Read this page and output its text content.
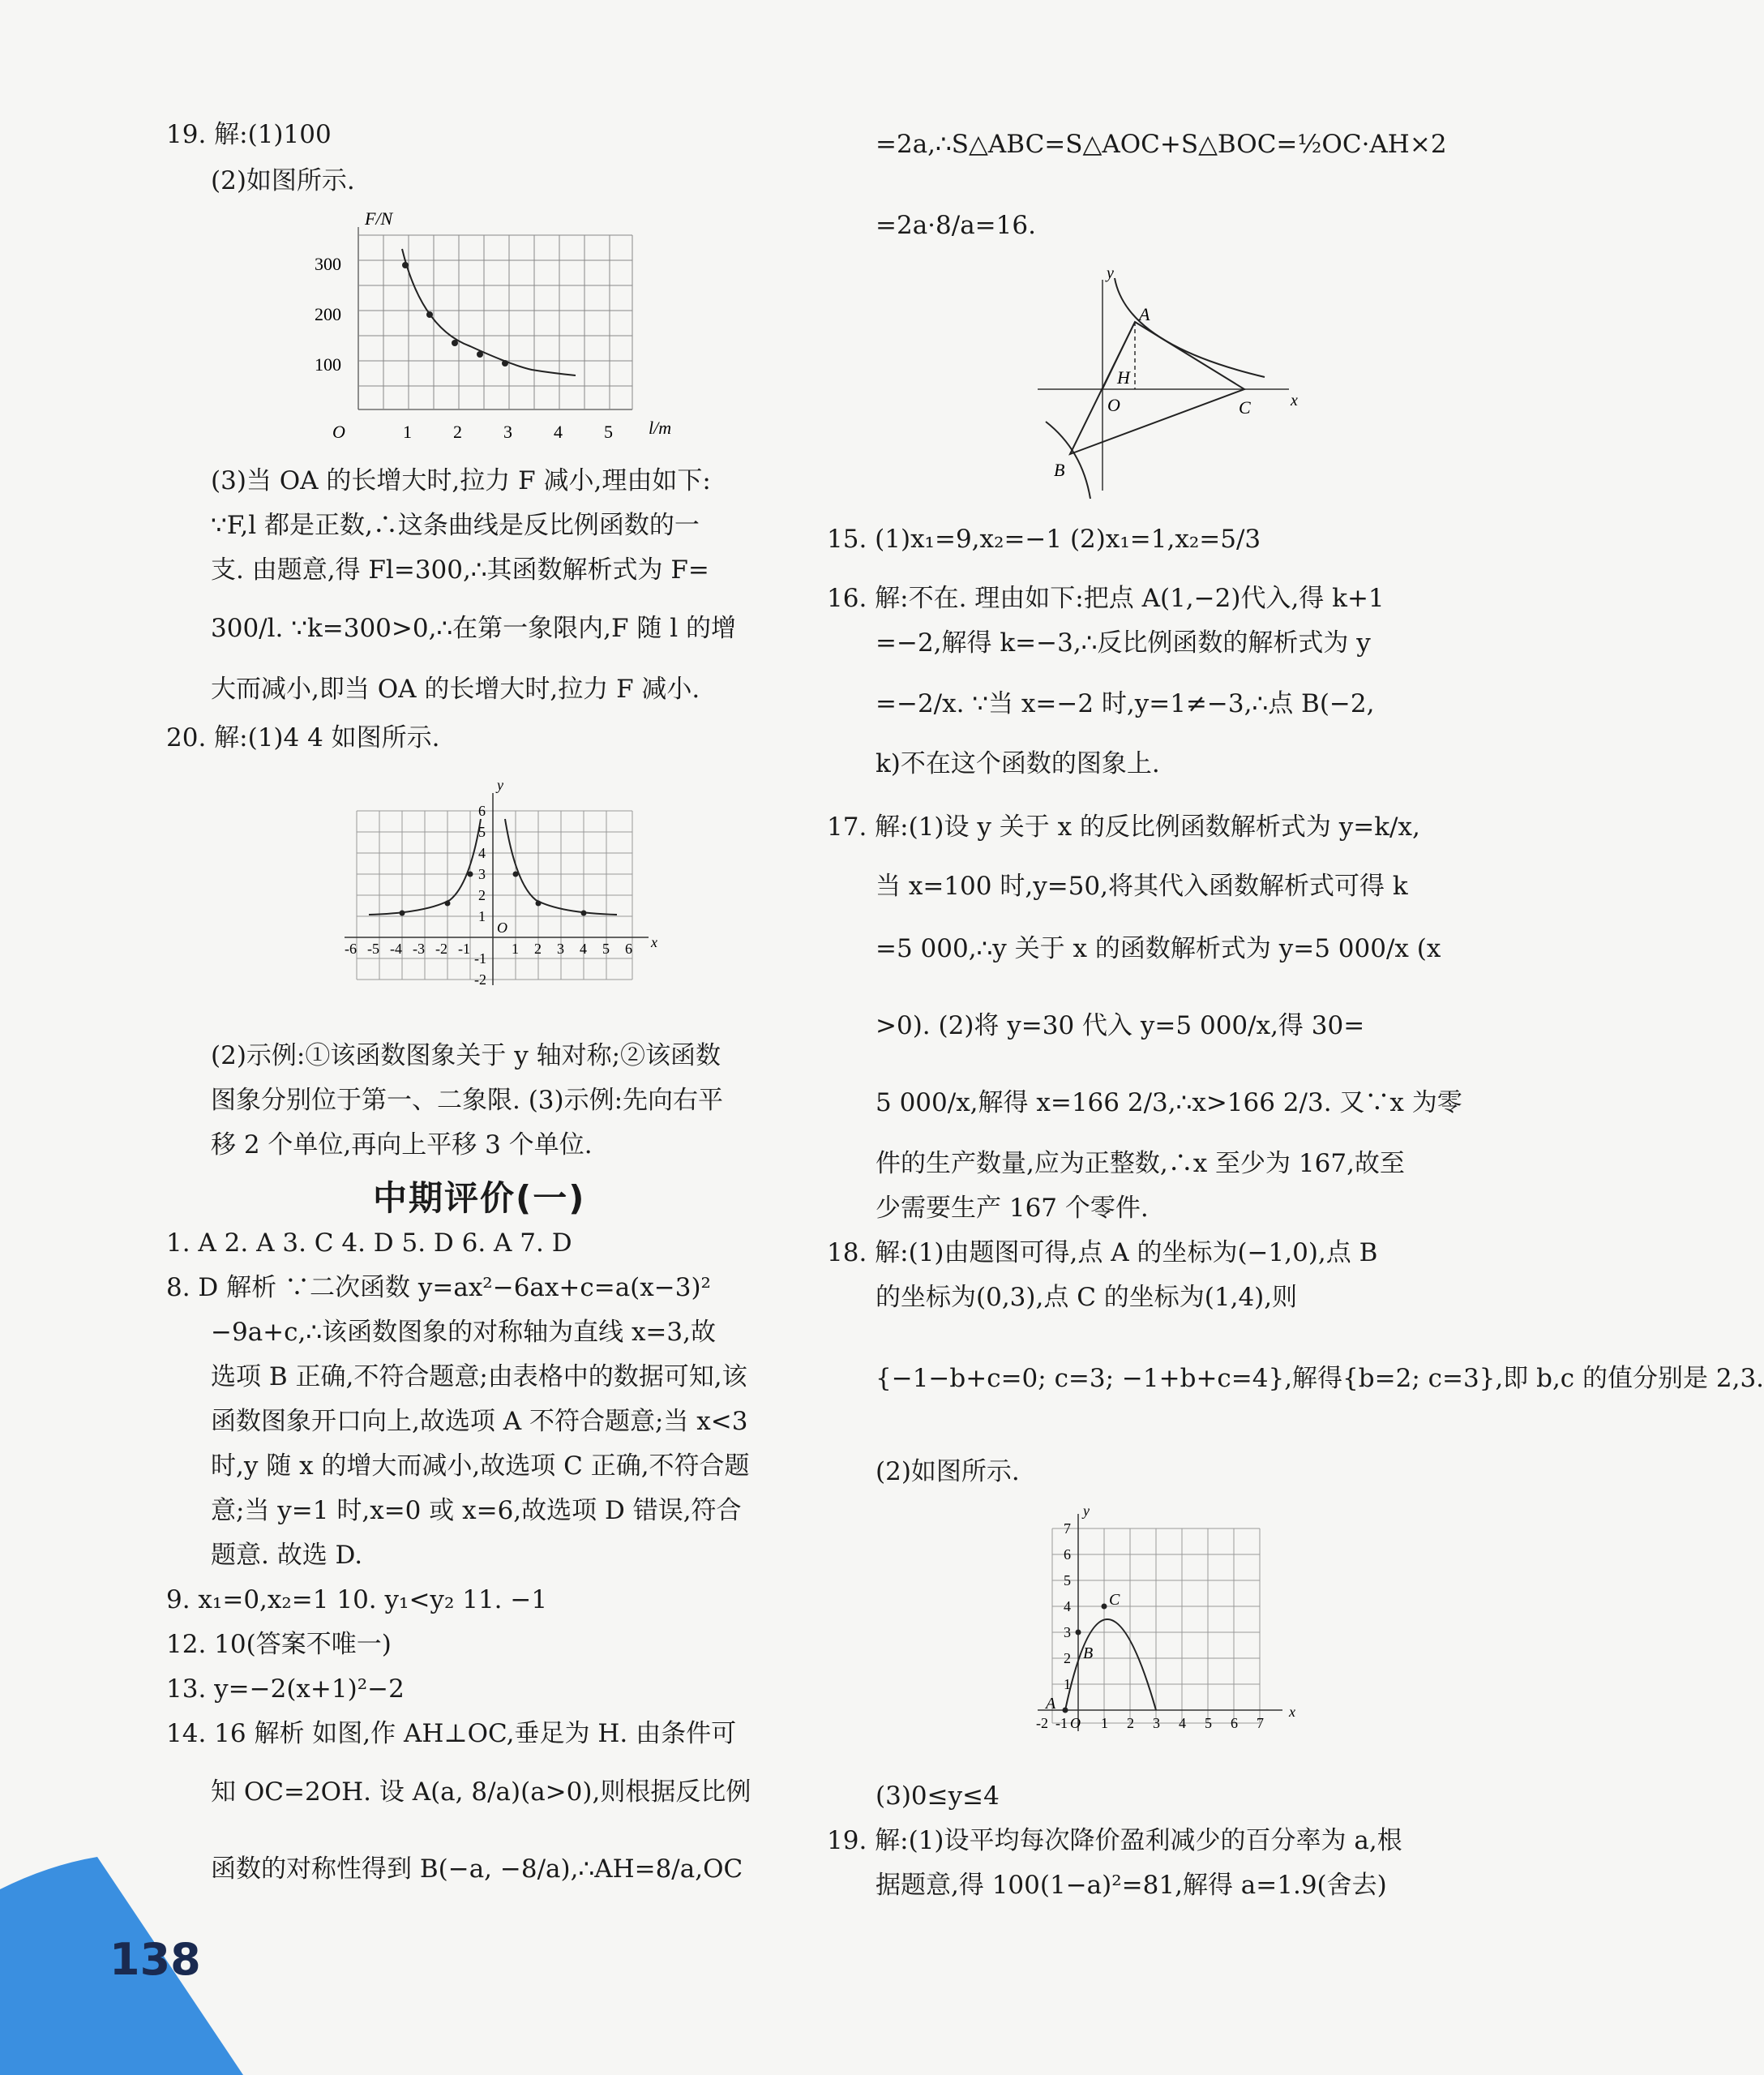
19. 解:(1)100
(2)如图所示.
F/N
l/m
O
100
200
300
1 2 3 4 5
(3)当 OA 的长增大时,拉力 F 减小,理由如下:
∵F,l 都是正数,∴这条曲线是反比例函数的一
支. 由题意,得 Fl=300,∴其函数解析式为 F=
300/l. ∵k=300>0,∴在第一象限内,F 随 l 的增
大而减小,即当 OA 的长增大时,拉力 F 减小.
20. 解:(1)4 4 如图所示.
y
x
O
-6 -5 -4 -3 -2 -1	1 2 3 4 5 6
1
2
3
4
5
6
-1
-2
(2)示例:①该函数图象关于 y 轴对称;②该函数
图象分别位于第一、二象限. (3)示例:先向右平
移 2 个单位,再向上平移 3 个单位.
中期评价(一)
1. A 2. A 3. C 4. D 5. D 6. A 7. D
8. D 解析 ∵二次函数 y=ax²−6ax+c=a(x−3)²
−9a+c,∴该函数图象的对称轴为直线 x=3,故
选项 B 正确,不符合题意;由表格中的数据可知,该
函数图象开口向上,故选项 A 不符合题意;当 x<3
时,y 随 x 的增大而减小,故选项 C 正确,不符合题
意;当 y=1 时,x=0 或 x=6,故选项 D 错误,符合
题意. 故选 D.
9. x₁=0,x₂=1 10. y₁<y₂ 11. −1
12. 10(答案不唯一)
13. y=−2(x+1)²−2
14. 16 解析 如图,作 AH⊥OC,垂足为 H. 由条件可
知 OC=2OH. 设 A(a, 8/a)(a>0),则根据反比例
函数的对称性得到 B(−a, −8/a),∴AH=8/a,OC
=2a,∴S△ABC=S△AOC+S△BOC=½OC·AH×2
=2a·8/a=16.
y
x
O
A
B
C
H
15. (1)x₁=9,x₂=−1 (2)x₁=1,x₂=5/3
16. 解:不在. 理由如下:把点 A(1,−2)代入,得 k+1
=−2,解得 k=−3,∴反比例函数的解析式为 y
=−2/x. ∵当 x=−2 时,y=1≠−3,∴点 B(−2,
k)不在这个函数的图象上.
17. 解:(1)设 y 关于 x 的反比例函数解析式为 y=k/x,
当 x=100 时,y=50,将其代入函数解析式可得 k
=5 000,∴y 关于 x 的函数解析式为 y=5 000/x (x
>0). (2)将 y=30 代入 y=5 000/x,得 30=
5 000/x,解得 x=166 2/3,∴x>166 2/3. 又∵x 为零
件的生产数量,应为正整数,∴x 至少为 167,故至
少需要生产 167 个零件.
18. 解:(1)由题图可得,点 A 的坐标为(−1,0),点 B
的坐标为(0,3),点 C 的坐标为(1,4),则
{−1−b+c=0; c=3; −1+b+c=4},解得{b=2; c=3},即 b,c 的值分别是 2,3.
(2)如图所示.
y
x
O
-2 -1 1 2 3 4 5 6 7
1
2
3
4
5
6
7
A
B
C
(3)0≤y≤4
19. 解:(1)设平均每次降价盈利减少的百分率为 a,根
据题意,得 100(1−a)²=81,解得 a=1.9(舍去)
138
